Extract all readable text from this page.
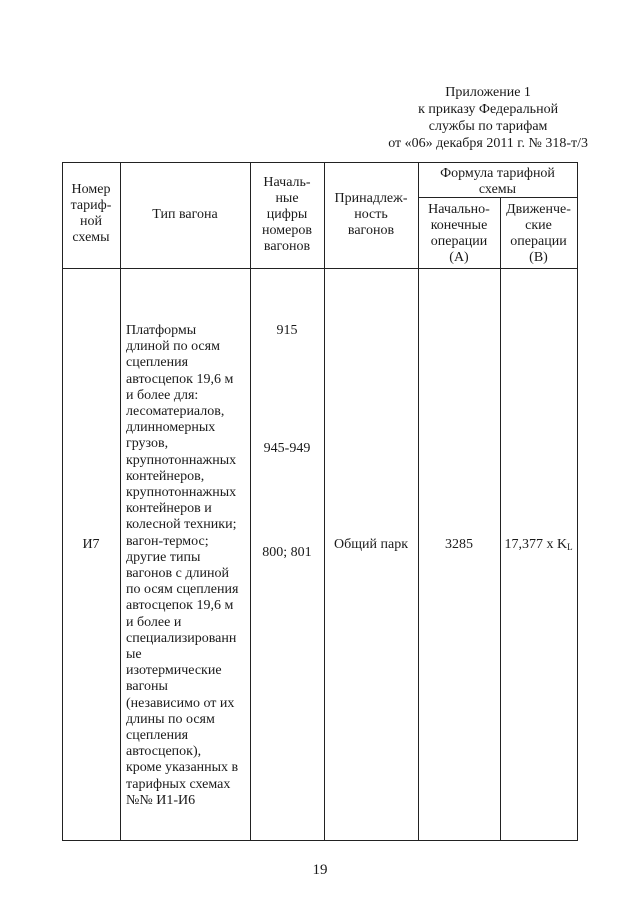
Приложение 1
к приказу Федеральной
службы по тарифам
от «06» декабря 2011 г. № 318-т/3
Номер
тариф-
ной
схемы
Тип вагона
Началь-
ные
цифры
номеров
вагонов
Принадлеж-
ность
вагонов
Формула тарифной
схемы
Начально-
конечные
операции
(А)
Движенче-
ские
операции
(В)
И7
Платформы
длиной по осям
сцепления
автосцепок 19,6 м
и более для:
лесоматериалов,
длинномерных
грузов,
крупнотоннажных
контейнеров,
крупнотоннажных
контейнеров и
колесной техники;
вагон-термос;
другие типы
вагонов с длиной
по осям сцепления
автосцепок 19,6 м
и более и
специализированн
ые
изотермические
вагоны
(независимо от их
длины по осям
сцепления
автосцепок),
кроме указанных в
тарифных схемах
№№ И1-И6
915
945-949
800; 801
Общий парк	3285	17,377 x $K_L$
19
